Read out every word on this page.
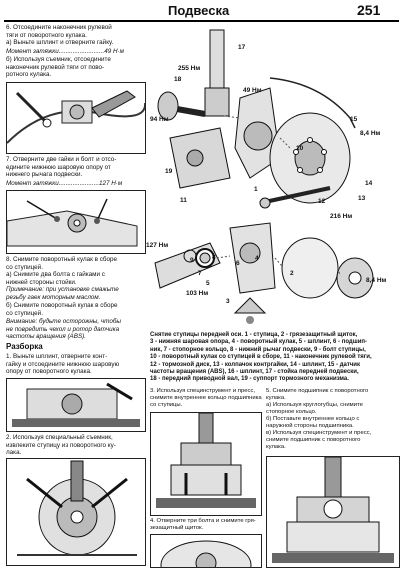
Подвеска	251
6. Отсоедините наконечник рулевой
тяги от поворотного кулака.
а) Выньте шплинт и отверните гайку.
Момент затяжки..........................49 Н·м
б) Используя съемник, отсоедините
наконечник рулевой тяги от пово-
ротного кулака.
7. Отверните две гайки и болт и отсо-
едините нижнюю шаровую опору от
нижнего рычага подвески.
Момент затяжки.......................127 Н·м
8. Снимите поворотный кулак в сборе
со ступицей.
а) Снимите два болта с гайками с
нижней стороны стойки.
Примечание: при установке смажьте
резьбу гаек моторным маслом.
б) Снимите поворотный кулак в сборе
со ступицей.
Внимание: будьте осторожны, чтобы
не повредить чехол и ротор датчика
частоты вращения (ABS).
Разборка
1. Выньте шплинт, отверните конт-
гайку и отсоедините нижнюю шаровую
опору от поворотного кулака.
2. Используя специальный съемник,
извлеките ступицу из поворотного ку-
лака.
17
255 Нм
18
49 Нм
15
94 Нм
19
8,4 Нм
10
11
1
14
13
12
216 Нм
127 Нм
9	8
7
6
5
4
3
2
103 Нм
8,4 Нм
Снятие ступицы передней оси. 1 - ступица, 2 - грязезащитный щиток,
3 - нижняя шаровая опора, 4 - поворотный кулак, 5 - шплинт, 6 - подшип-
ник, 7 - стопорное кольцо, 8 - нижний рычаг подвески, 9 - болт ступицы,
10 - поворотный кулак со ступицей в сборе, 11 - наконечник рулевой тяги,
12 - тормозной диск, 13 - колпачок контргайки, 14 - шплинт, 15 - датчик
частоты вращения (ABS), 16 - шплинт, 17 - стойка передней подвески,
18 - передний приводной вал, 19 - суппорт тормозного механизма.
3. Используя специнструмент и пресс,
снимите внутреннее кольцо подшипника
со ступицы.
4. Отверните три болта и снимите гря-
зезащитный щиток.
5. Снимите подшипник с поворотного
кулака.
а) Используя круглогубцы, снимите
стопорное кольцо.
б) Поставьте внутреннее кольцо с
наружной стороны подшипника.
в) Используя специнструмент и пресс,
снимите подшипник с поворотного
кулака.
